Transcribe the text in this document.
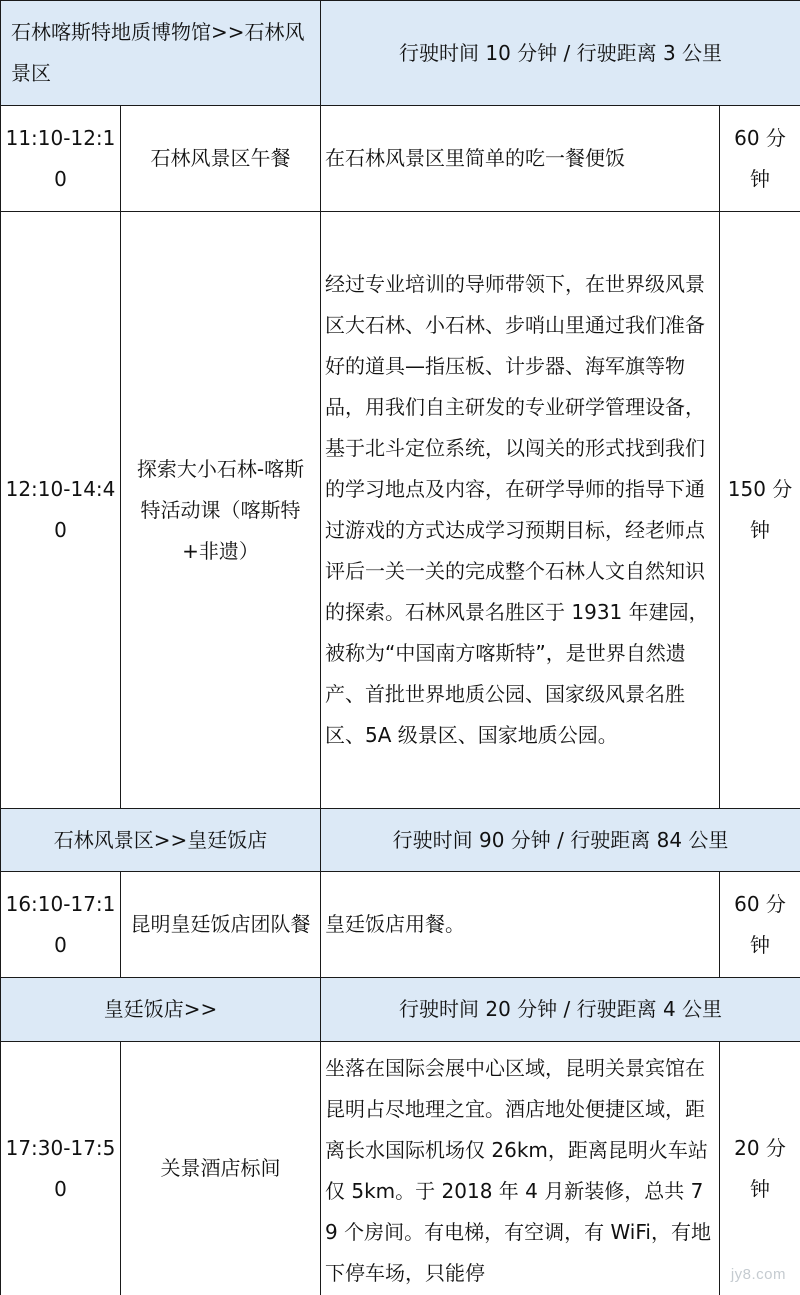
石林喀斯特地质博物馆>>石林风景区		行驶时间 10 分钟 / 行驶距离 3 公里	
11:10-12:10	石林风景区午餐	在石林风景区里简单的吃一餐便饭	60 分钟
12:10-14:40	探索大小石林-喀斯特活动课（喀斯特+非遗）	经过专业培训的导师带领下，在世界级风景区大石林、小石林、步哨山里通过我们准备好的道具—指压板、计步器、海军旗等物品，用我们自主研发的专业研学管理设备，基于北斗定位系统，以闯关的形式找到我们的学习地点及内容，在研学导师的指导下通过游戏的方式达成学习预期目标，经老师点评后一关一关的完成整个石林人文自然知识的探索。石林风景名胜区于 1931 年建园，被称为“中国南方喀斯特”，是世界自然遗产、首批世界地质公园、国家级风景名胜区、5A 级景区、国家地质公园。	150 分钟
石林风景区>>皇廷饭店		行驶时间 90 分钟 / 行驶距离 84 公里	
16:10-17:10	昆明皇廷饭店团队餐	皇廷饭店用餐。	60 分钟
皇廷饭店>>		行驶时间 20 分钟 / 行驶距离 4 公里	
17:30-17:50	关景酒店标间	坐落在国际会展中心区域，昆明关景宾馆在昆明占尽地理之宜。酒店地处便捷区域，距离长水国际机场仅 26km，距离昆明火车站仅 5km。于 2018 年 4 月新装修，总共 79 个房间。有电梯，有空调，有 WiFi，有地下停车场，只能停	20 分钟
jy8.com
